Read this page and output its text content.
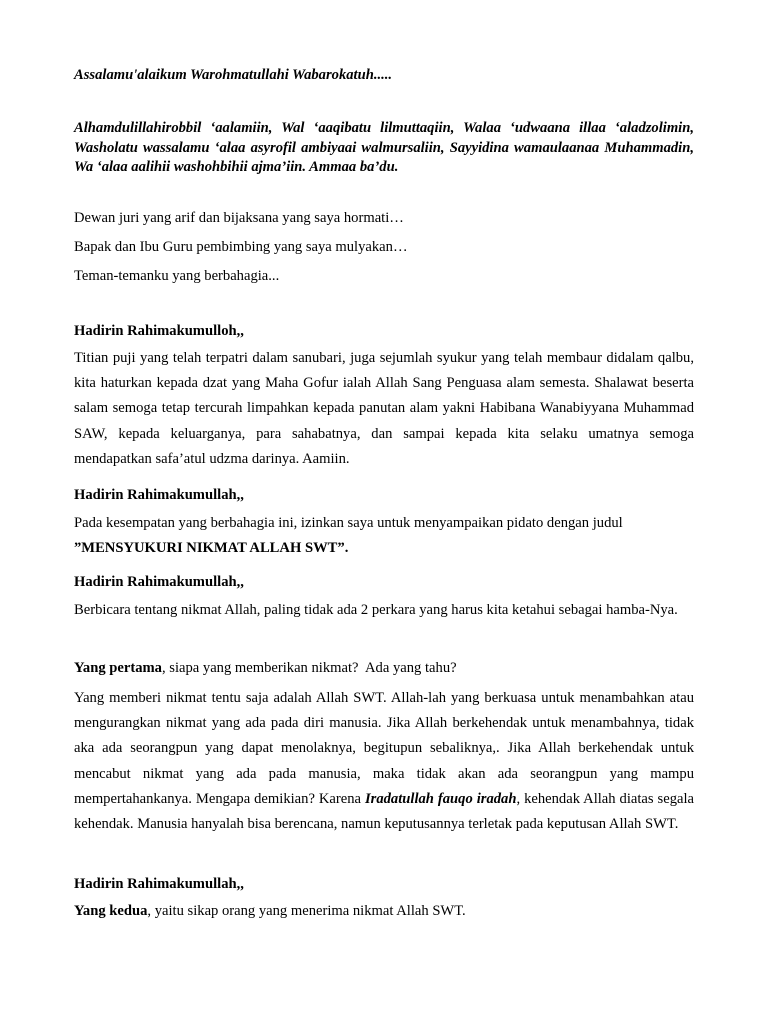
Assalamu'alaikum Warohmatullahi Wabarokatuh.....

Alhamdulillahirobbil ‘aalamiin, Wal ‘aaqibatu lilmuttaqiin, Walaa ‘udwaana illaa ‘aladzolimin, Washolatu wassalamu ‘alaa asyrofil ambiyaai walmursaliin, Sayyidina wamaulaanaa Muhammadin, Wa ‘alaa aalihii washohbihii ajma’iin. Ammaa ba’du.

Dewan juri yang arif dan bijaksana yang saya hormati…

Bapak dan Ibu Guru pembimbing yang saya mulyakan…

Teman-temanku yang berbahagia...

Hadirin Rahimakumulloh,,

Titian puji yang telah terpatri dalam sanubari, juga sejumlah syukur yang telah membaur didalam qalbu, kita haturkan kepada dzat yang Maha Gofur ialah Allah Sang Penguasa alam semesta. Shalawat beserta salam semoga tetap tercurah limpahkan kepada panutan alam yakni Habibana Wanabiyyana Muhammad SAW, kepada keluarganya, para sahabatnya, dan sampai kepada kita selaku umatnya semoga mendapatkan safa’atul udzma darinya. Aamiin.

Hadirin Rahimakumullah,,

Pada kesempatan yang berbahagia ini, izinkan saya untuk menyampaikan pidato dengan judul
”MENSYUKURI NIKMAT ALLAH SWT”.

Hadirin Rahimakumullah,,

Berbicara tentang nikmat Allah, paling tidak ada 2 perkara yang harus kita ketahui sebagai hamba-Nya.

Yang pertama, siapa yang memberikan nikmat?  Ada yang tahu?

Yang memberi nikmat tentu saja adalah Allah SWT. Allah-lah yang berkuasa untuk menambahkan atau mengurangkan nikmat yang ada pada diri manusia. Jika Allah berkehendak untuk menambahnya, tidak aka ada seorangpun yang dapat menolaknya, begitupun sebaliknya,. Jika Allah berkehendak untuk mencabut nikmat yang ada pada manusia, maka tidak akan ada seorangpun yang mampu mempertahankanya. Mengapa demikian? Karena Iradatullah fauqo iradah, kehendak Allah diatas segala kehendak. Manusia hanyalah bisa berencana, namun keputusannya terletak pada keputusan Allah SWT.

Hadirin Rahimakumullah,,

Yang kedua, yaitu sikap orang yang menerima nikmat Allah SWT.
